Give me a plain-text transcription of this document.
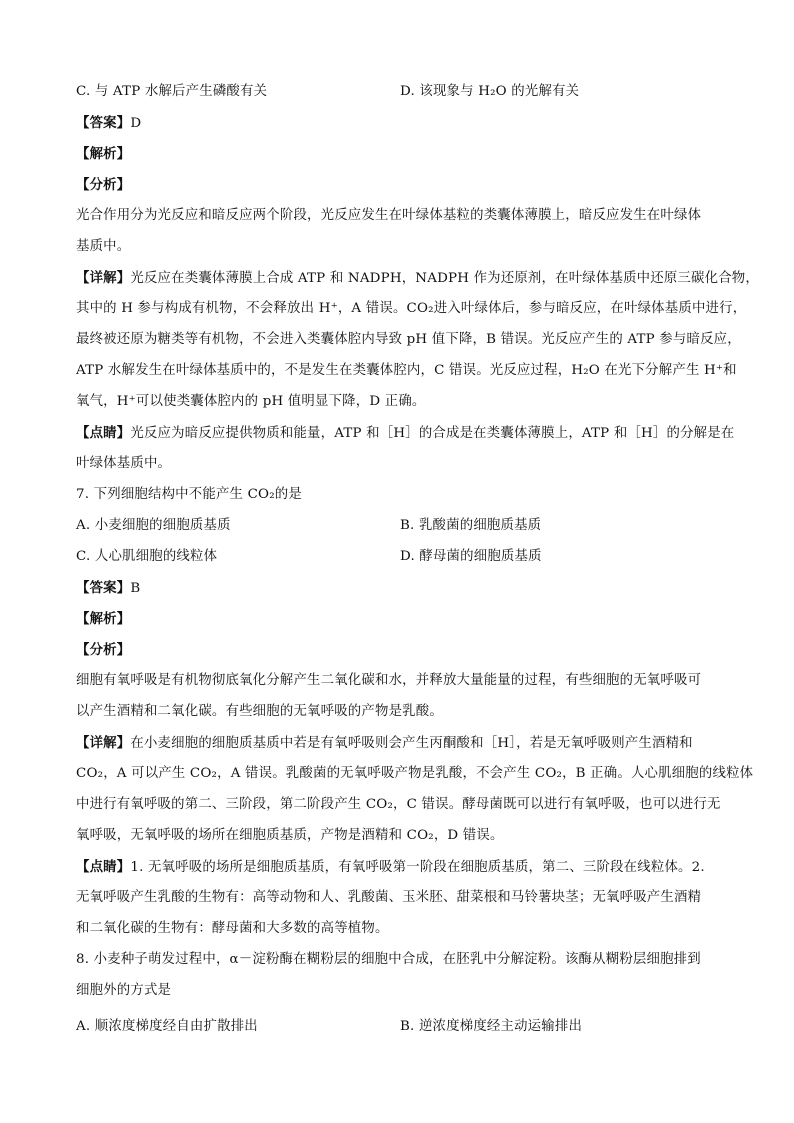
C. 与 ATP 水解后产生磷酸有关	D. 该现象与 H₂O 的光解有关
【答案】D
【解析】
【分析】
光合作用分为光反应和暗反应两个阶段，光反应发生在叶绿体基粒的类囊体薄膜上，暗反应发生在叶绿体
基质中。
【详解】光反应在类囊体薄膜上合成 ATP 和 NADPH，NADPH 作为还原剂，在叶绿体基质中还原三碳化合物，
其中的 H 参与构成有机物，不会释放出 H⁺，A 错误。CO₂进入叶绿体后，参与暗反应，在叶绿体基质中进行，
最终被还原为糖类等有机物，不会进入类囊体腔内导致 pH 值下降，B 错误。光反应产生的 ATP 参与暗反应，
ATP 水解发生在叶绿体基质中的，不是发生在类囊体腔内，C 错误。光反应过程，H₂O 在光下分解产生 H⁺和
氧气，H⁺可以使类囊体腔内的 pH 值明显下降，D 正确。
【点睛】光反应为暗反应提供物质和能量，ATP 和［H］的合成是在类囊体薄膜上，ATP 和［H］的分解是在
叶绿体基质中。
7. 下列细胞结构中不能产生 CO₂的是
A. 小麦细胞的细胞质基质	B. 乳酸菌的细胞质基质
C. 人心肌细胞的线粒体	D. 酵母菌的细胞质基质
【答案】B
【解析】
【分析】
细胞有氧呼吸是有机物彻底氧化分解产生二氧化碳和水，并释放大量能量的过程，有些细胞的无氧呼吸可
以产生酒精和二氧化碳。有些细胞的无氧呼吸的产物是乳酸。
【详解】在小麦细胞的细胞质基质中若是有氧呼吸则会产生丙酮酸和［H］，若是无氧呼吸则产生酒精和
CO₂，A 可以产生 CO₂，A 错误。乳酸菌的无氧呼吸产物是乳酸，不会产生 CO₂，B 正确。人心肌细胞的线粒体
中进行有氧呼吸的第二、三阶段，第二阶段产生 CO₂，C 错误。酵母菌既可以进行有氧呼吸，也可以进行无
氧呼吸，无氧呼吸的场所在细胞质基质，产物是酒精和 CO₂，D 错误。
【点睛】1. 无氧呼吸的场所是细胞质基质，有氧呼吸第一阶段在细胞质基质，第二、三阶段在线粒体。2.
无氧呼吸产生乳酸的生物有：高等动物和人、乳酸菌、玉米胚、甜菜根和马铃薯块茎；无氧呼吸产生酒精
和二氧化碳的生物有：酵母菌和大多数的高等植物。
8. 小麦种子萌发过程中，α－淀粉酶在糊粉层的细胞中合成，在胚乳中分解淀粉。该酶从糊粉层细胞排到
细胞外的方式是
A. 顺浓度梯度经自由扩散排出	B. 逆浓度梯度经主动运输排出
